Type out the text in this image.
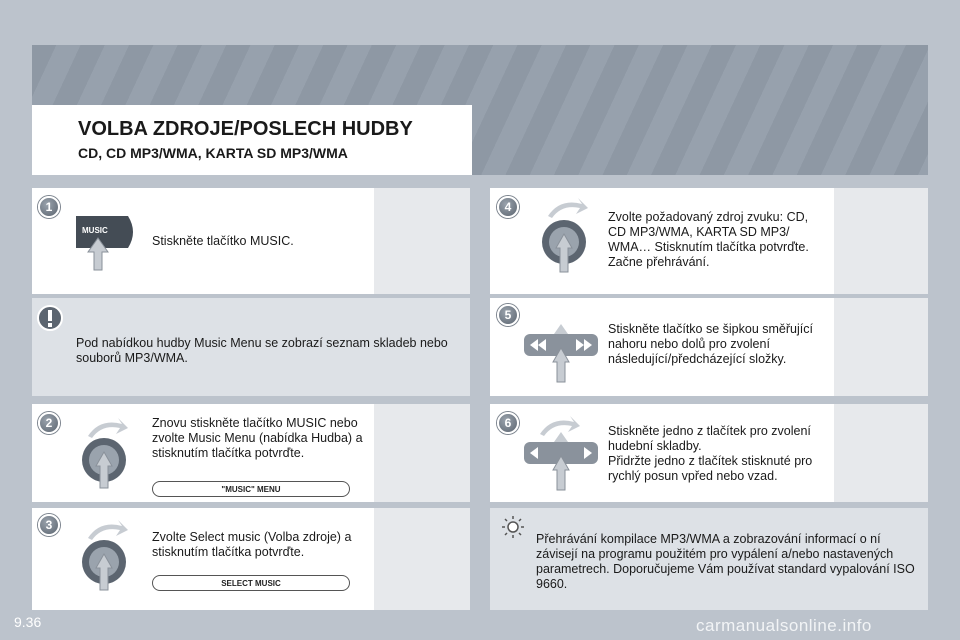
VOLBA ZDROJE/POSLECH HUDBY
CD, CD MP3/WMA, KARTA SD MP3/WMA
1
MUSIC
Stiskněte tlačítko MUSIC.
Pod nabídkou hudby Music Menu se zobrazí seznam skladeb nebo souborů MP3/WMA.
2	Znovu stiskněte tlačítko MUSIC nebo zvolte Music Menu (nabídka Hudba) a stisknutím tlačítka potvrďte.
"MUSIC" MENU
3
Zvolte Select music (Volba zdroje) a stisknutím tlačítka potvrďte.
SELECT MUSIC
4
Zvolte požadovaný zdroj zvuku: CD, CD MP3/WMA, KARTA SD MP3/ WMA… Stisknutím tlačítka potvrďte. Začne přehrávání.
5
Stiskněte tlačítko se šipkou směřující nahoru nebo dolů pro zvolení následující/předcházející složky.
6
Stiskněte jedno z tlačítek pro zvolení hudební skladby.
Přidržte jedno z tlačítek stisknuté pro rychlý posun vpřed nebo vzad.
Přehrávání kompilace MP3/WMA a zobrazování informací o ní závisejí na programu použitém pro vypálení a/nebo nastavených parametrech. Doporučujeme Vám používat standard vypalování ISO 9660.
9.36	carmanualsonline.info
